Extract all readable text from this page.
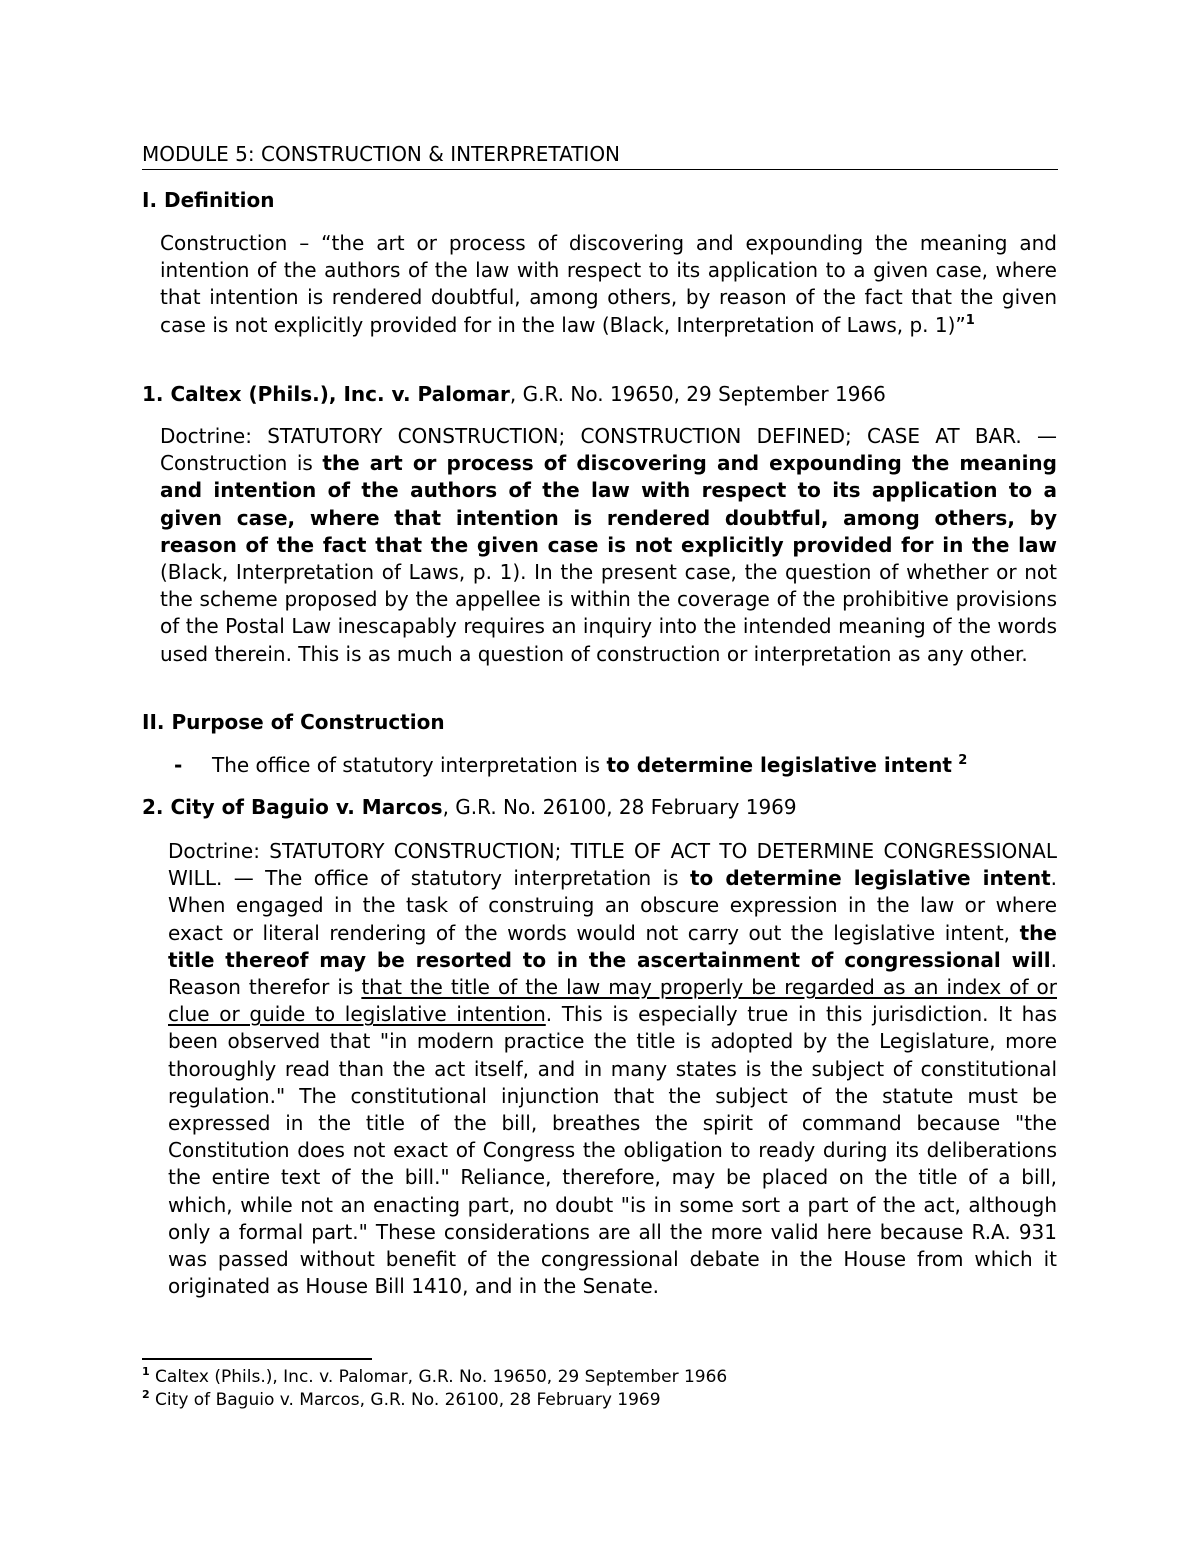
MODULE 5: CONSTRUCTION & INTERPRETATION
I. Definition

Construction – “the art or process of discovering and expounding the meaning and intention of the authors of the law with respect to its application to a given case, where that intention is rendered doubtful, among others, by reason of the fact that the given case is not explicitly provided for in the law (Black, Interpretation of Laws, p. 1)”$^1$

1. Caltex (Phils.), Inc. v. Palomar, G.R. No. 19650, 29 September 1966

Doctrine: STATUTORY CONSTRUCTION; CONSTRUCTION DEFINED; CASE AT BAR. — Construction is the art or process of discovering and expounding the meaning and intention of the authors of the law with respect to its application to a given case, where that intention is rendered doubtful, among others, by reason of the fact that the given case is not explicitly provided for in the law (Black, Interpretation of Laws, p. 1). In the present case, the question of whether or not the scheme proposed by the appellee is within the coverage of the prohibitive provisions of the Postal Law inescapably requires an inquiry into the intended meaning of the words used therein. This is as much a question of construction or interpretation as any other.

II. Purpose of Construction

- The office of statutory interpretation is to determine legislative intent $^2$

2. City of Baguio v. Marcos, G.R. No. 26100, 28 February 1969

Doctrine: STATUTORY CONSTRUCTION; TITLE OF ACT TO DETERMINE CONGRESSIONAL WILL. — The office of statutory interpretation is to determine legislative intent. When engaged in the task of construing an obscure expression in the law or where exact or literal rendering of the words would not carry out the legislative intent, the title thereof may be resorted to in the ascertainment of congressional will. Reason therefor is that the title of the law may properly be regarded as an index of or clue or guide to legislative intention. This is especially true in this jurisdiction. It has been observed that "in modern practice the title is adopted by the Legislature, more thoroughly read than the act itself, and in many states is the subject of constitutional regulation." The constitutional injunction that the subject of the statute must be expressed in the title of the bill, breathes the spirit of command because "the Constitution does not exact of Congress the obligation to ready during its deliberations the entire text of the bill." Reliance, therefore, may be placed on the title of a bill, which, while not an enacting part, no doubt "is in some sort a part of the act, although only a formal part." These considerations are all the more valid here because R.A. 931 was passed without benefit of the congressional debate in the House from which it originated as House Bill 1410, and in the Senate.

$^1$ Caltex (Phils.), Inc. v. Palomar, G.R. No. 19650, 29 September 1966

$^2$ City of Baguio v. Marcos, G.R. No. 26100, 28 February 1969
